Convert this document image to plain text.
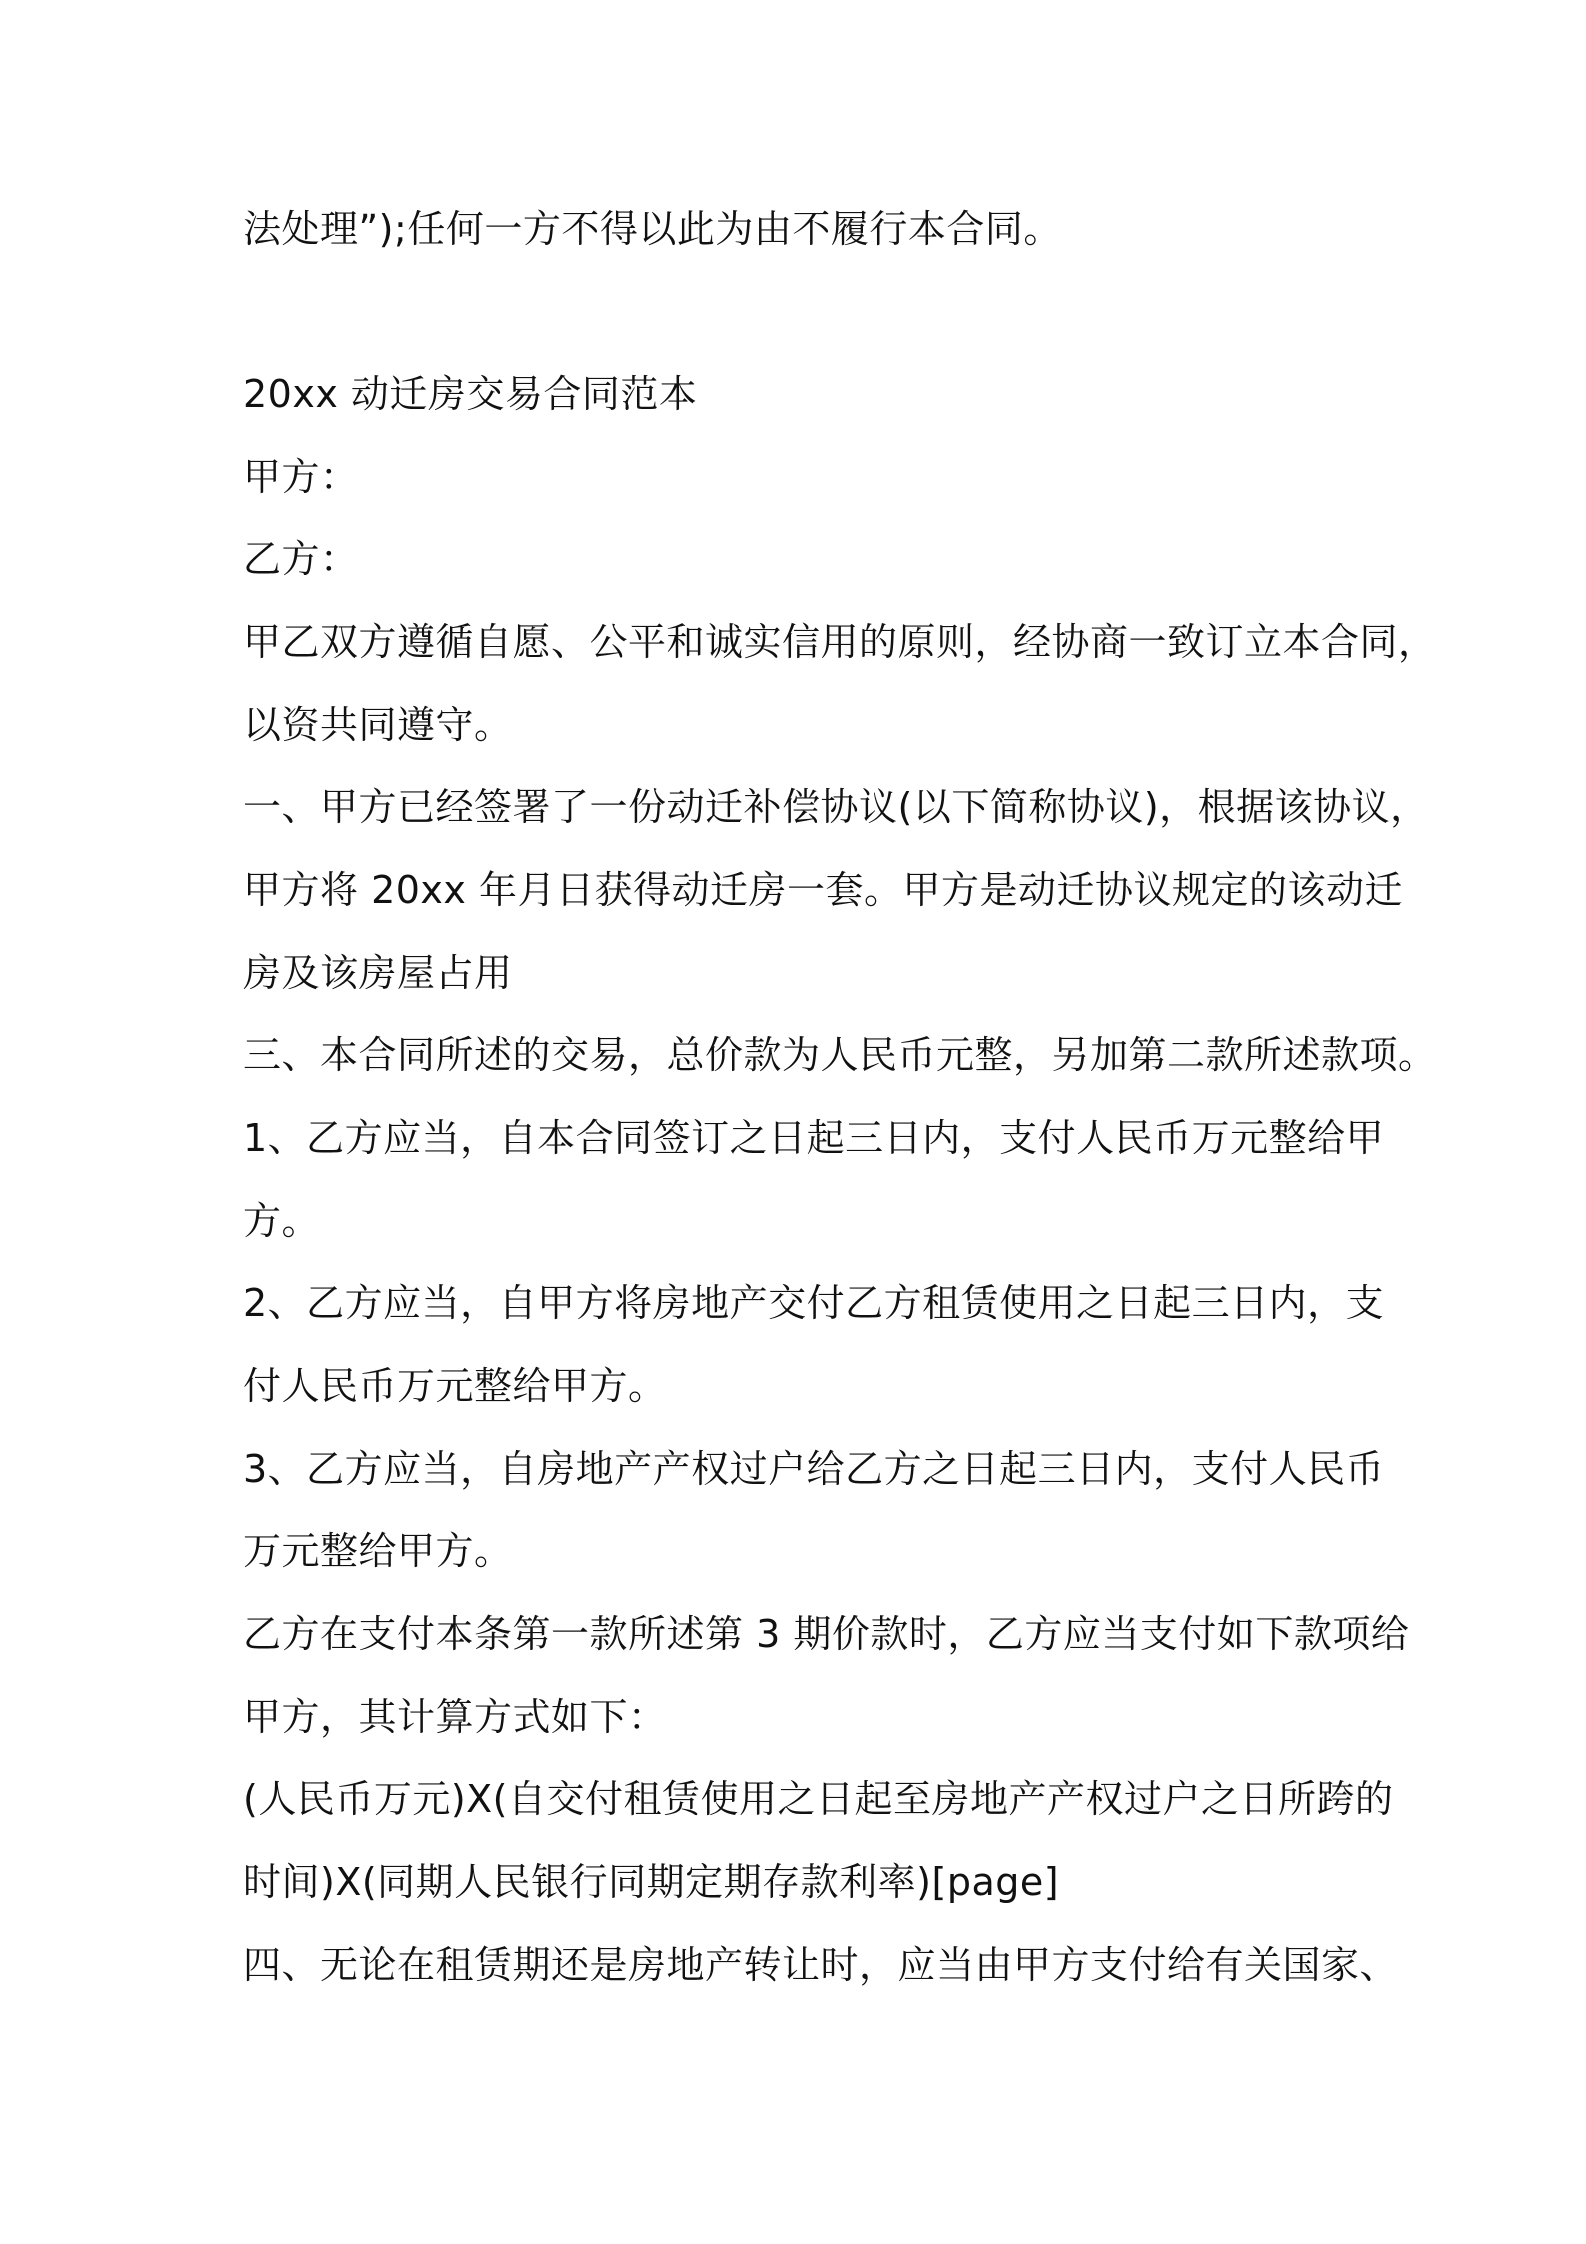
法处理”);任何一方不得以此为由不履行本合同。
20xx 动迁房交易合同范本
甲方：
乙方：
甲乙双方遵循自愿、公平和诚实信用的原则，经协商一致订立本合同，
以资共同遵守。
一、甲方已经签署了一份动迁补偿协议(以下简称协议)，根据该协议，
甲方将 20xx 年月日获得动迁房一套。甲方是动迁协议规定的该动迁
房及该房屋占用
三、本合同所述的交易，总价款为人民币元整，另加第二款所述款项。
1、乙方应当，自本合同签订之日起三日内，支付人民币万元整给甲
方。
2、乙方应当，自甲方将房地产交付乙方租赁使用之日起三日内，支
付人民币万元整给甲方。
3、乙方应当，自房地产产权过户给乙方之日起三日内，支付人民币
万元整给甲方。
乙方在支付本条第一款所述第 3 期价款时，乙方应当支付如下款项给
甲方，其计算方式如下：
(人民币万元)X(自交付租赁使用之日起至房地产产权过户之日所跨的
时间)X(同期人民银行同期定期存款利率)[page]
四、无论在租赁期还是房地产转让时，应当由甲方支付给有关国家、
